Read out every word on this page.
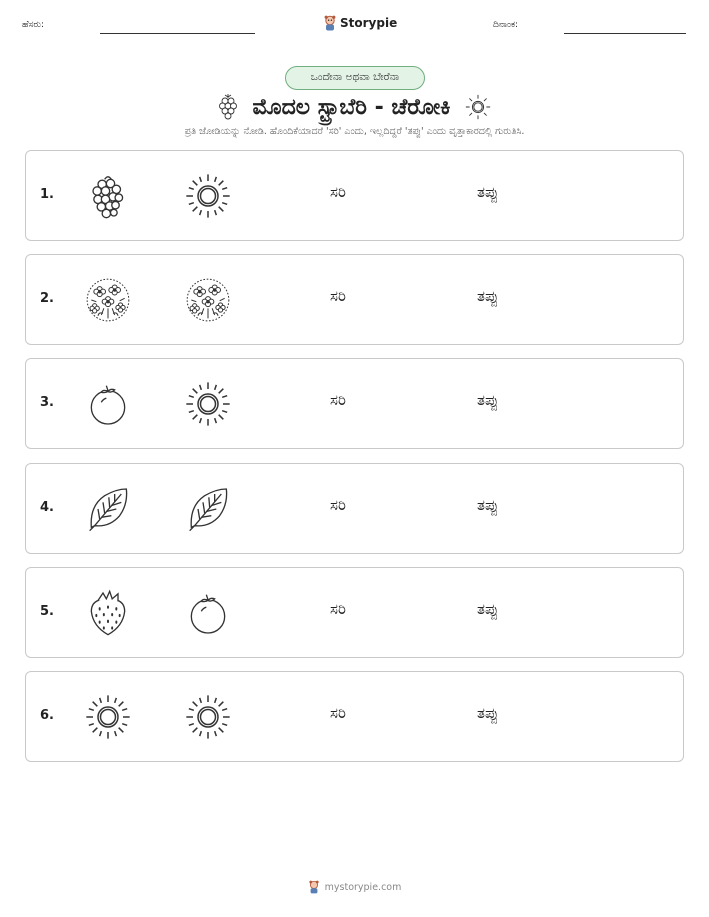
ಹೆಸರು:	Storypie	ದಿನಾಂಕ:
ಒಂದೇನಾ ಅಥವಾ ಬೇರೆನಾ
ಮೊದಲ ಸ್ಟ್ರಾಬೆರಿ - ಚೆರೋಕಿ
ಪ್ರತಿ ಜೋಡಿಯನ್ನು ನೋಡಿ. ಹೊಂದಿಕೆಯಾದರೆ 'ಸರಿ' ಎಂದು, ಇಲ್ಲದಿದ್ದರೆ 'ತಪ್ಪು' ಎಂದು ವೃತ್ತಾಕಾರದಲ್ಲಿ ಗುರುತಿಸಿ.
1.	ಸರಿ	ತಪ್ಪು
2.	ಸರಿ	ತಪ್ಪು
3.	ಸರಿ	ತಪ್ಪು
4.	ಸರಿ	ತಪ್ಪು
5.	ಸರಿ	ತಪ್ಪು
6.	ಸರಿ	ತಪ್ಪು
mystorypie.com
